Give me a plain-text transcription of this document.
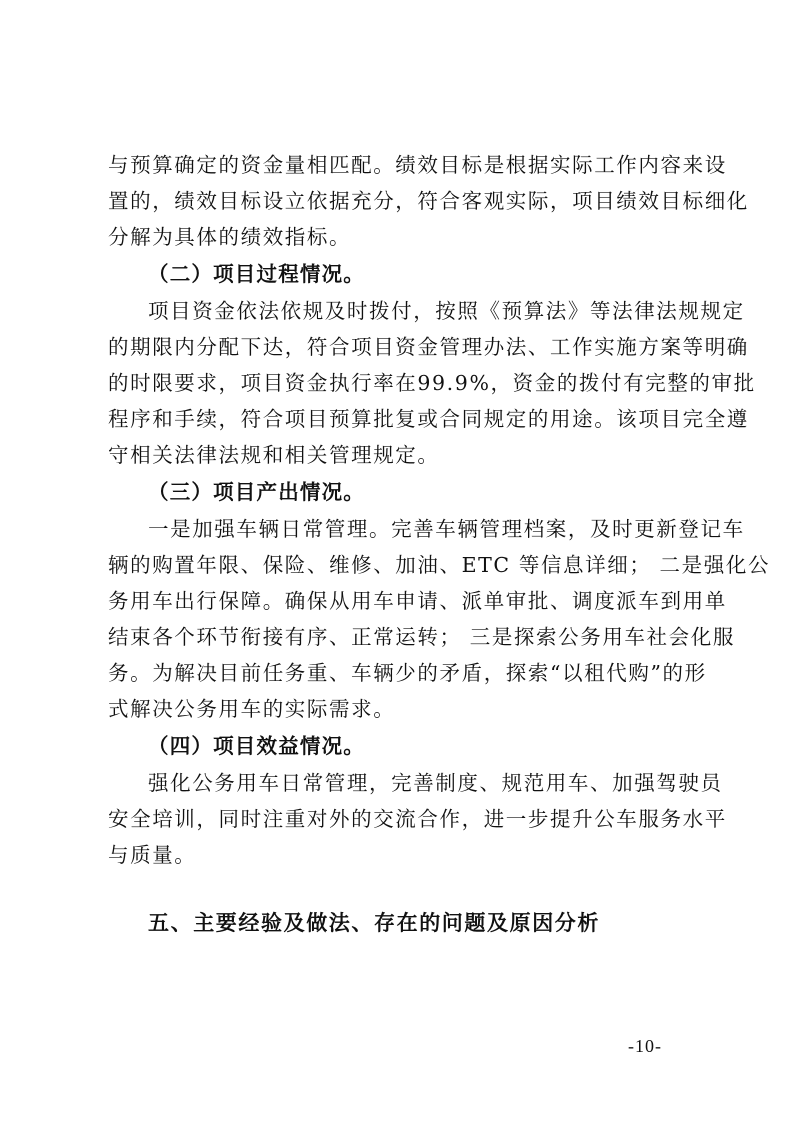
与预算确定的资金量相匹配。绩效目标是根据实际工作内容来设
置的，绩效目标设立依据充分，符合客观实际，项目绩效目标细化
分解为具体的绩效指标。
（二）项目过程情况。
项目资金依法依规及时拨付，按照《预算法》等法律法规规定
的期限内分配下达，符合项目资金管理办法、工作实施方案等明确
的时限要求，项目资金执行率在99.9%，资金的拨付有完整的审批
程序和手续，符合项目预算批复或合同规定的用途。该项目完全遵
守相关法律法规和相关管理规定。
（三）项目产出情况。
一是加强车辆日常管理。完善车辆管理档案，及时更新登记车
辆的购置年限、保险、维修、加油、ETC 等信息详细； 二是强化公
务用车出行保障。确保从用车申请、派单审批、调度派车到用单
结束各个环节衔接有序、正常运转； 三是探索公务用车社会化服
务。为解决目前任务重、车辆少的矛盾，探索“以租代购”的形
式解决公务用车的实际需求。
（四）项目效益情况。
强化公务用车日常管理，完善制度、规范用车、加强驾驶员
安全培训，同时注重对外的交流合作，进一步提升公车服务水平
与质量。
五、主要经验及做法、存在的问题及原因分析
-10-
